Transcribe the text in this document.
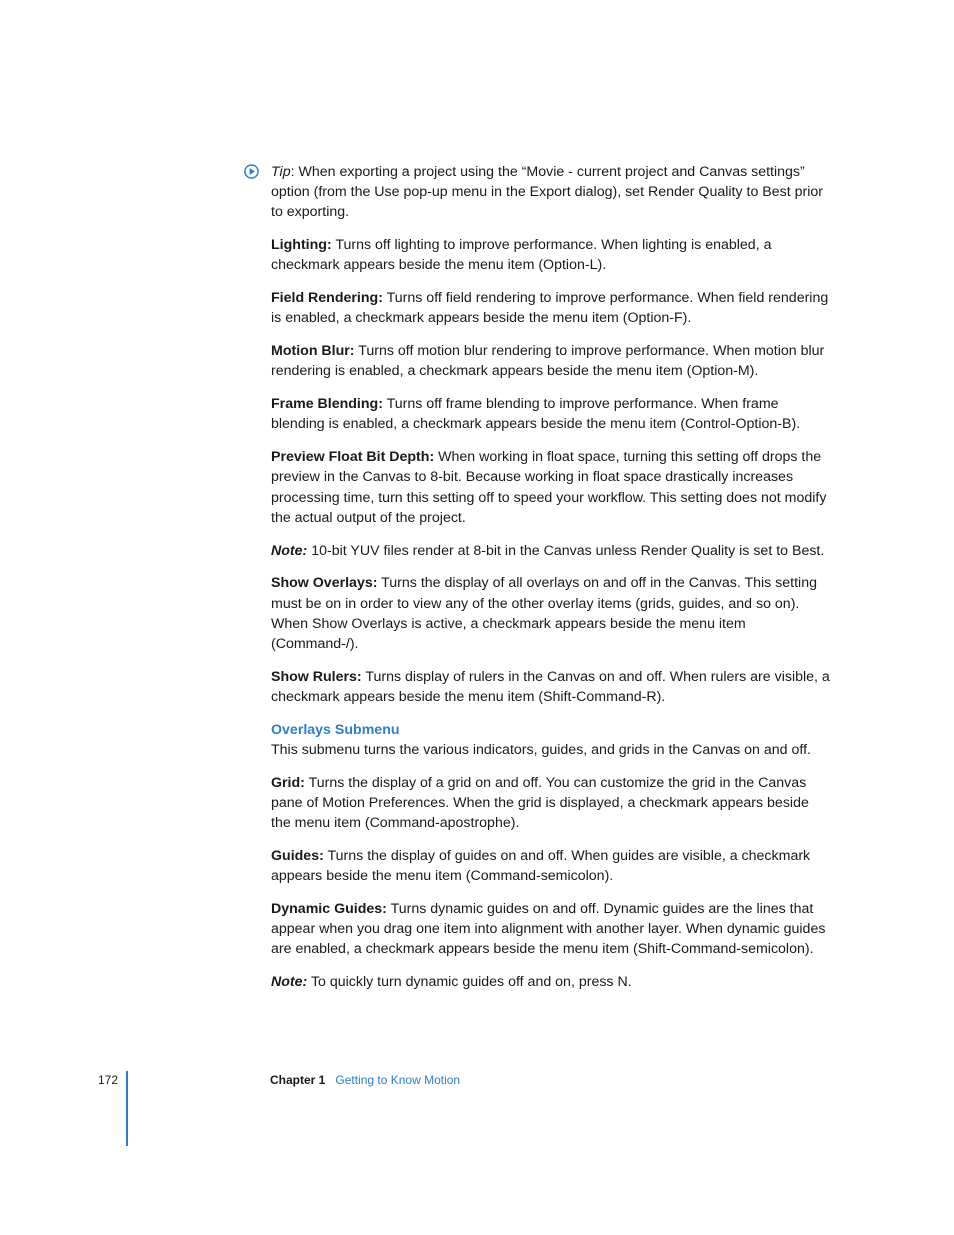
Tip: When exporting a project using the “Movie - current project and Canvas settings” option (from the Use pop-up menu in the Export dialog), set Render Quality to Best prior to exporting.

Lighting: Turns off lighting to improve performance. When lighting is enabled, a checkmark appears beside the menu item (Option-L).

Field Rendering: Turns off field rendering to improve performance. When field rendering is enabled, a checkmark appears beside the menu item (Option-F).

Motion Blur: Turns off motion blur rendering to improve performance. When motion blur rendering is enabled, a checkmark appears beside the menu item (Option-M).

Frame Blending: Turns off frame blending to improve performance. When frame blending is enabled, a checkmark appears beside the menu item (Control-Option-B).

Preview Float Bit Depth: When working in float space, turning this setting off drops the preview in the Canvas to 8-bit. Because working in float space drastically increases processing time, turn this setting off to speed your workflow. This setting does not modify the actual output of the project.

Note: 10-bit YUV files render at 8-bit in the Canvas unless Render Quality is set to Best.

Show Overlays: Turns the display of all overlays on and off in the Canvas. This setting must be on in order to view any of the other overlay items (grids, guides, and so on). When Show Overlays is active, a checkmark appears beside the menu item (Command-/).

Show Rulers: Turns display of rulers in the Canvas on and off. When rulers are visible, a checkmark appears beside the menu item (Shift-Command-R).

Overlays Submenu

This submenu turns the various indicators, guides, and grids in the Canvas on and off.

Grid: Turns the display of a grid on and off. You can customize the grid in the Canvas pane of Motion Preferences. When the grid is displayed, a checkmark appears beside the menu item (Command-apostrophe).

Guides: Turns the display of guides on and off. When guides are visible, a checkmark appears beside the menu item (Command-semicolon).

Dynamic Guides: Turns dynamic guides on and off. Dynamic guides are the lines that appear when you drag one item into alignment with another layer. When dynamic guides are enabled, a checkmark appears beside the menu item (Shift-Command-semicolon).

Note: To quickly turn dynamic guides off and on, press N.

172	Chapter 1 Getting to Know Motion
